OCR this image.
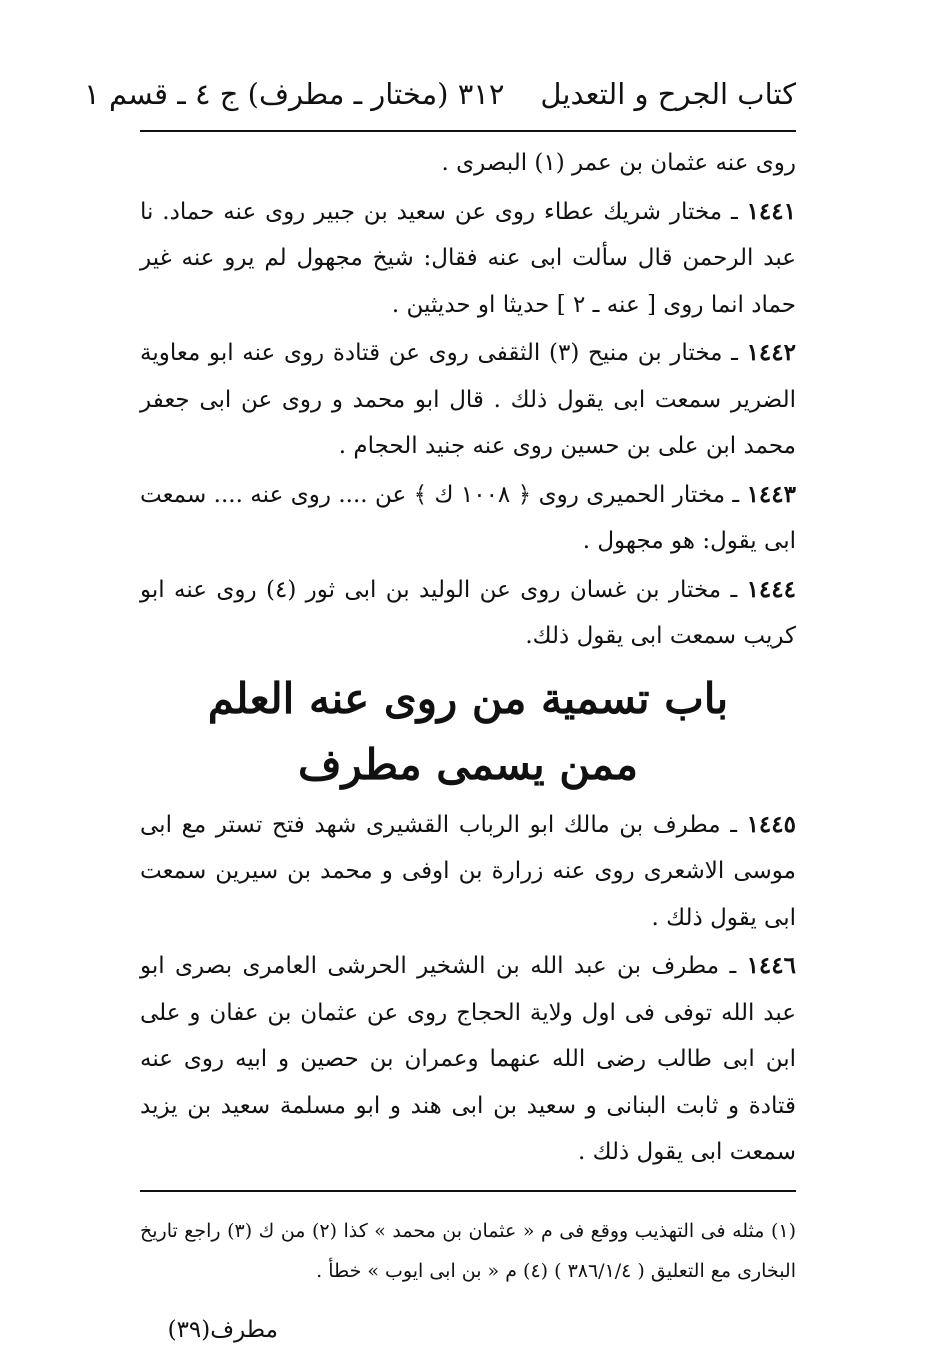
كتاب الجرح و التعديل
٣١٢ (مختار ـ مطرف) ج ٤ ـ قسم ١

روى عنه عثمان بن عمر (١) البصرى .

١٤٤١ ـ مختار شريك عطاء روى عن سعيد بن جبير روى عنه حماد. نا عبد الرحمن قال سألت ابى عنه فقال: شيخ مجهول لم يرو عنه غير حماد انما روى [ عنه ـ ٢ ] حديثا او حديثين .

١٤٤٢ ـ مختار بن منيح (٣) الثقفى روى عن قتادة روى عنه ابو معاوية الضرير سمعت ابى يقول ذلك . قال ابو محمد و روى عن ابى جعفر محمد ابن على بن حسين روى عنه جنيد الحجام .

١٤٤٣ ـ مختار الحميرى روى ﴿ ١٠٠٨ ك ﴾ عن .... روى عنه .... سمعت ابى يقول: هو مجهول .

١٤٤٤ ـ مختار بن غسان روى عن الوليد بن ابى ثور (٤) روى عنه ابو كريب سمعت ابى يقول ذلك.

باب تسمية من روى عنه العلم
ممن يسمى مطرف

١٤٤٥ ـ مطرف بن مالك ابو الرباب القشيرى شهد فتح تستر مع ابى موسى الاشعرى روى عنه زرارة بن اوفى و محمد بن سيرين سمعت ابى يقول ذلك .

١٤٤٦ ـ مطرف بن عبد الله بن الشخير الحرشى العامرى بصرى ابو عبد الله توفى فى اول ولاية الحجاج روى عن عثمان بن عفان و على ابن ابى طالب رضى الله عنهما وعمران بن حصين و ابيه روى عنه قتادة و ثابت البنانى و سعيد بن ابى هند و ابو مسلمة سعيد بن يزيد سمعت ابى يقول ذلك .

(١) مثله فى التهذيب ووقع فى م « عثمان بن محمد » كذا (٢) من ك (٣) راجع تاريخ البخارى مع التعليق ( ٣٨٦/١/٤ ) (٤) م « بن ابى ايوب » خطأ .

مطرف
(٣٩)
